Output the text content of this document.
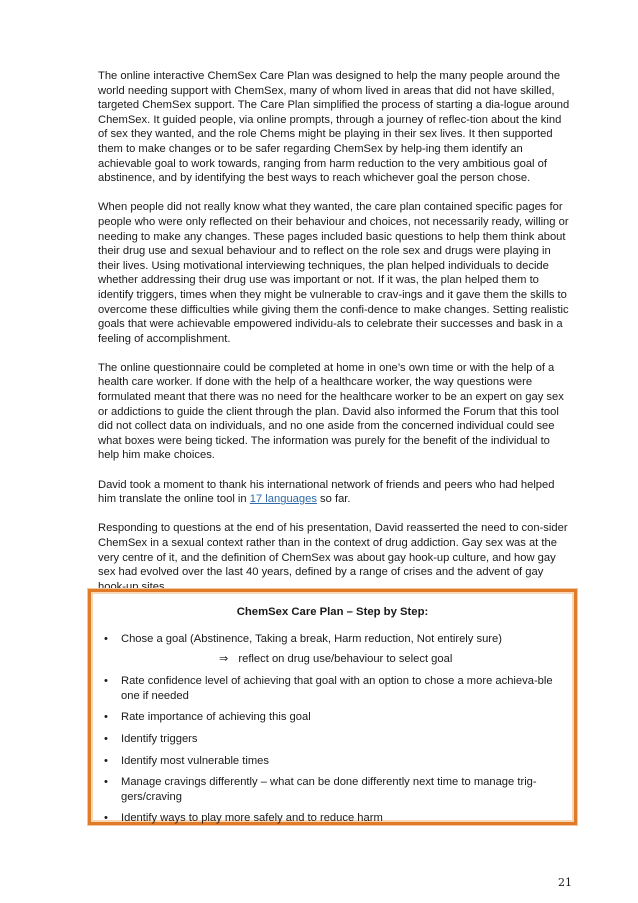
The online interactive ChemSex Care Plan was designed to help the many people around the world needing support with ChemSex, many of whom lived in areas that did not have skilled, targeted ChemSex support. The Care Plan simplified the process of starting a dia-logue around ChemSex. It guided people, via online prompts, through a journey of reflec-tion about the kind of sex they wanted, and the role Chems might be playing in their sex lives. It then supported them to make changes or to be safer regarding ChemSex by help-ing them identify an achievable goal to work towards, ranging from harm reduction to the very ambitious goal of abstinence, and by identifying the best ways to reach whichever goal the person chose.

When people did not really know what they wanted, the care plan contained specific pages for people who were only reflected on their behaviour and choices, not necessarily ready, willing or needing to make any changes. These pages included basic questions to help them think about their drug use and sexual behaviour and to reflect on the role sex and drugs were playing in their lives. Using motivational interviewing techniques, the plan helped individuals to decide whether addressing their drug use was important or not. If it was, the plan helped them to identify triggers, times when they might be vulnerable to crav-ings and it gave them the skills to overcome these difficulties while giving them the confi-dence to make changes. Setting realistic goals that were achievable empowered individu-als to celebrate their successes and bask in a feeling of accomplishment.

The online questionnaire could be completed at home in one’s own time or with the help of a health care worker. If done with the help of a healthcare worker, the way questions were formulated meant that there was no need for the healthcare worker to be an expert on gay sex or addictions to guide the client through the plan. David also informed the Forum that this tool did not collect data on individuals, and no one aside from the concerned individual could see what boxes were being ticked. The information was purely for the benefit of the individual to help him make choices.

David took a moment to thank his international network of friends and peers who had helped him translate the online tool in 17 languages so far.

Responding to questions at the end of his presentation, David reasserted the need to con-sider ChemSex in a sexual context rather than in the context of drug addiction. Gay sex was at the very centre of it, and the definition of ChemSex was about gay hook-up culture, and how gay sex had evolved over the last 40 years, defined by a range of crises and the advent of gay hook-up sites.

ChemSex Care Plan – Step by Step:
• Chose a goal (Abstinence, Taking a break, Harm reduction, Not entirely sure)
⇒ reflect on drug use/behaviour to select goal
• Rate confidence level of achieving that goal with an option to chose a more achieva-ble one if needed
• Rate importance of achieving this goal
• Identify triggers
• Identify most vulnerable times
• Manage cravings differently – what can be done differently next time to manage trig-gers/craving
• Identify ways to play more safely and to reduce harm
21
